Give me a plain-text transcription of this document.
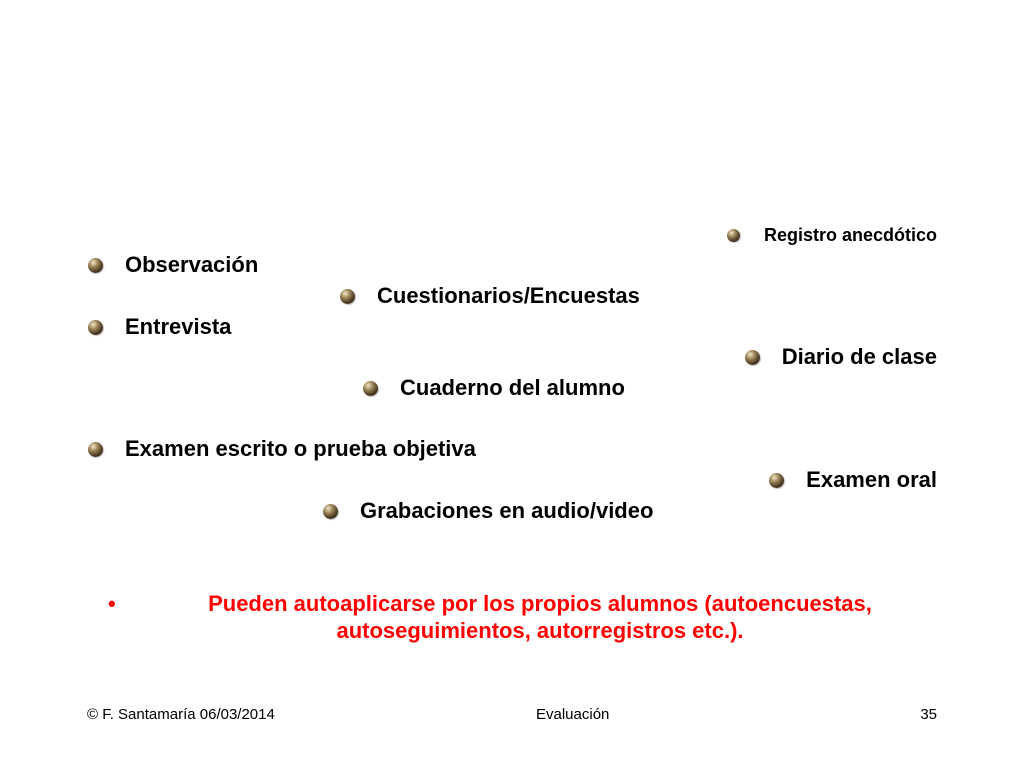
Registro anecdótico
Observación
Cuestionarios/Encuestas
Entrevista
Diario de clase
Cuaderno del alumno
Examen escrito o prueba objetiva
Examen oral
Grabaciones en audio/video
•	Pueden autoaplicarse por los propios alumnos (autoencuestas, autoseguimientos, autorregistros etc.).
© F. Santamaría 06/03/2014	Evaluación	35
